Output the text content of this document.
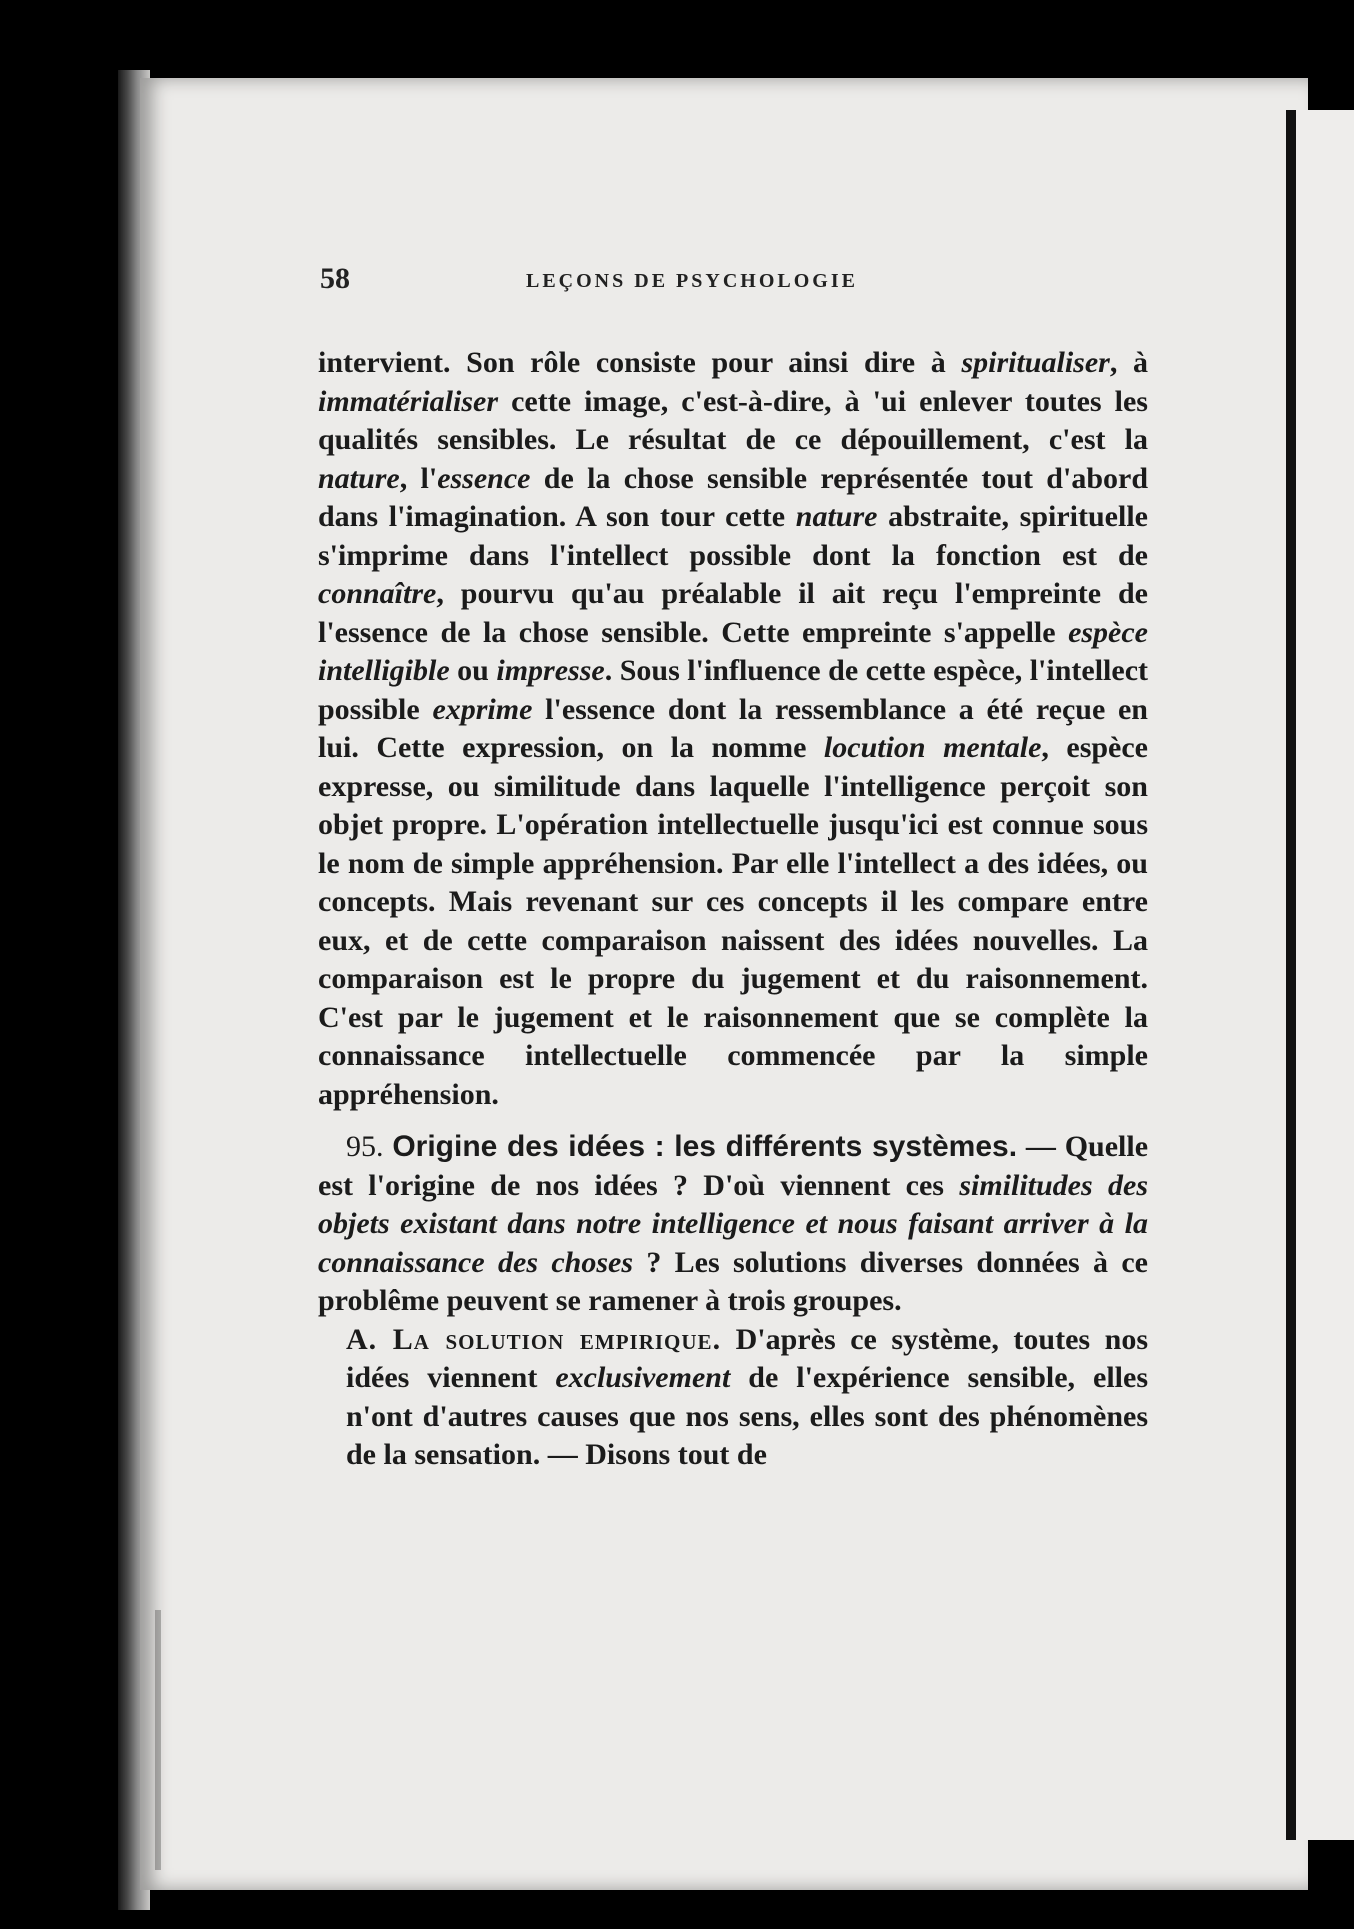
58	LEÇONS DE PSYCHOLOGIE

intervient. Son rôle consiste pour ainsi dire à spiritualiser, à immatérialiser cette image, c'est-à-dire, à 'ui enlever toutes les qualités sensibles. Le résultat de ce dépouillement, c'est la nature, l'essence de la chose sensible représentée tout d'abord dans l'imagination. A son tour cette nature abstraite, spirituelle s'imprime dans l'intellect possible dont la fonction est de connaître, pourvu qu'au préalable il ait reçu l'empreinte de l'essence de la chose sensible. Cette empreinte s'appelle espèce intelligible ou impresse. Sous l'influence de cette espèce, l'intellect possible exprime l'essence dont la ressemblance a été reçue en lui. Cette expression, on la nomme locution mentale, espèce expresse, ou similitude dans laquelle l'intelligence perçoit son objet propre. L'opération intellectuelle jusqu'ici est connue sous le nom de simple appréhension. Par elle l'intellect a des idées, ou concepts. Mais revenant sur ces concepts il les compare entre eux, et de cette comparaison naissent des idées nouvelles. La comparaison est le propre du jugement et du raisonnement. C'est par le jugement et le raisonnement que se complète la connaissance intellectuelle commencée par la simple appréhension.

95. Origine des idées : les différents systèmes. — Quelle est l'origine de nos idées ? D'où viennent ces similitudes des objets existant dans notre intelligence et nous faisant arriver à la connaissance des choses ? Les solutions diverses données à ce problême peuvent se ramener à trois groupes.

A. La solution empirique. D'après ce système, toutes nos idées viennent exclusivement de l'expérience sensible, elles n'ont d'autres causes que nos sens, elles sont des phénomènes de la sensation. — Disons tout de
